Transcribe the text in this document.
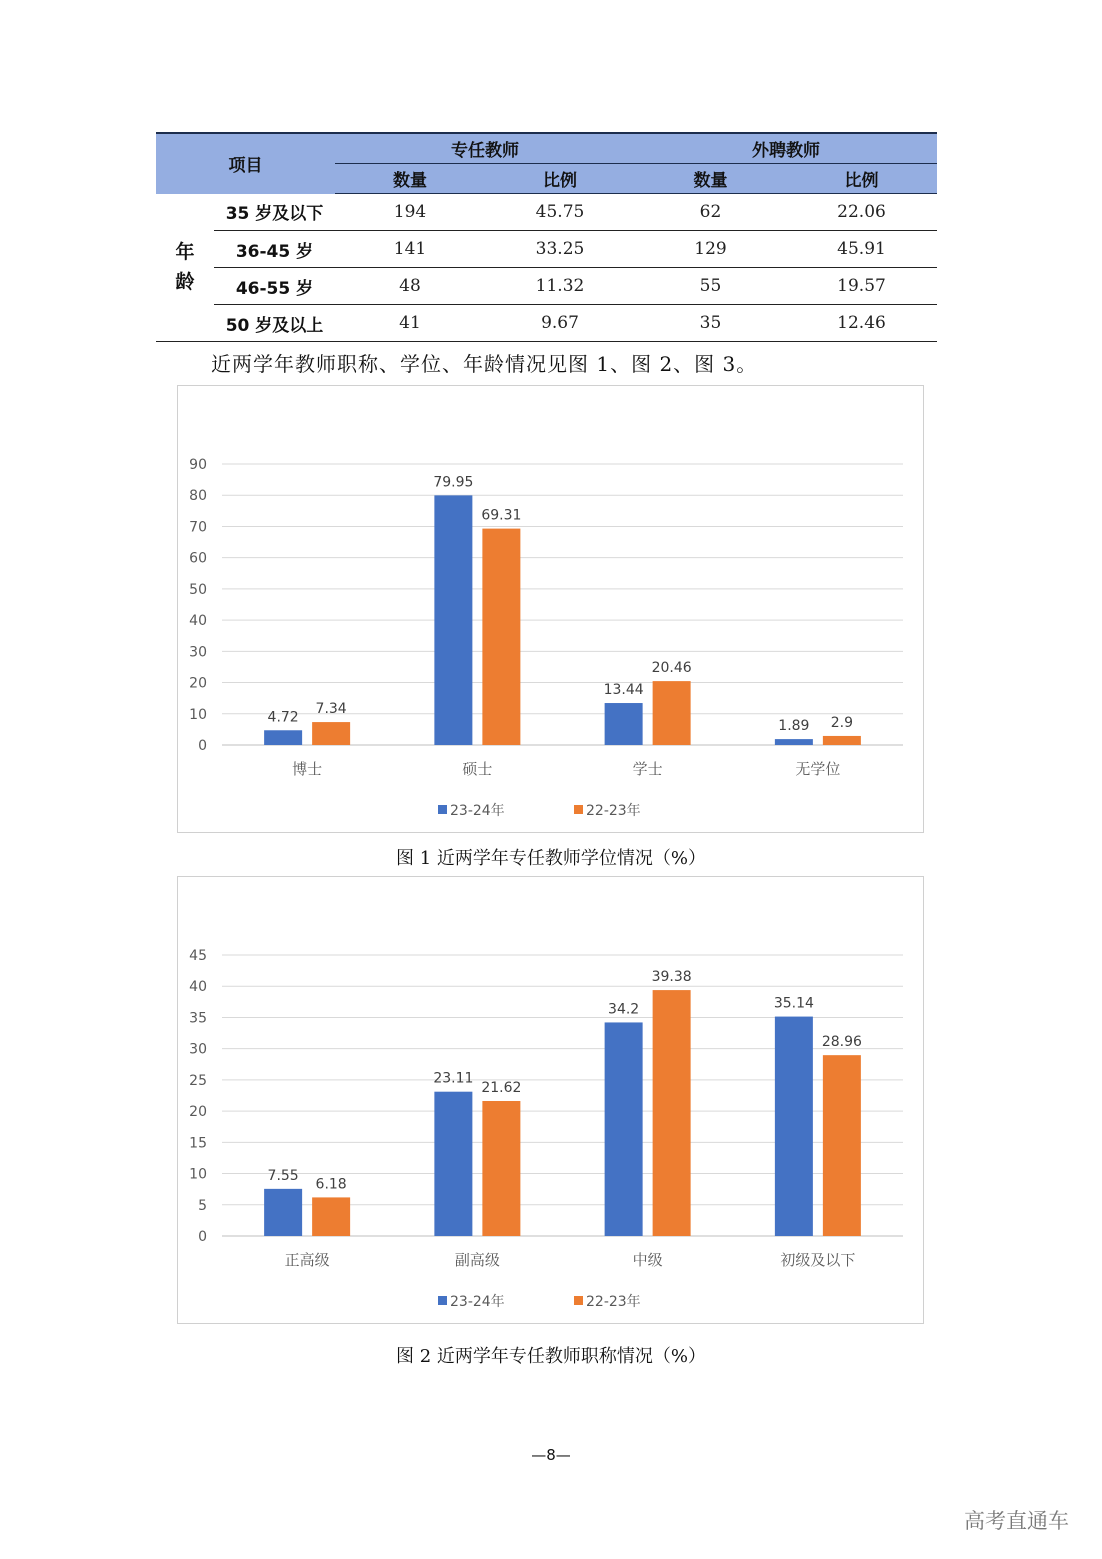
项目		专任教师		外聘教师	
		数量	比例	数量	比例
年龄	35 岁及以下	194	45.75	62	22.06
	36-45 岁	141	33.25	129	45.91
	46-55 岁	48	11.32	55	19.57
	50 岁及以上	41	9.67	35	12.46
近两学年教师职称、学位、年龄情况见图 1、图 2、图 3。
0
10
20
30
40
50
60
70
80
90
4.72
7.34
博士
79.95
69.31
硕士
13.44
20.46
学士
1.89 2.9
无学位
23-24年	22-23年
图 1 近两学年专任教师学位情况（%）
0
5
10
15
20
25
30
35
40
45
7.55
6.18
正高级
23.11
21.62
副高级
34.2
39.38
中级
35.14
28.96
初级及以下
23-24年	22-23年
图 2 近两学年专任教师职称情况（%）
—8—
高考直通车
